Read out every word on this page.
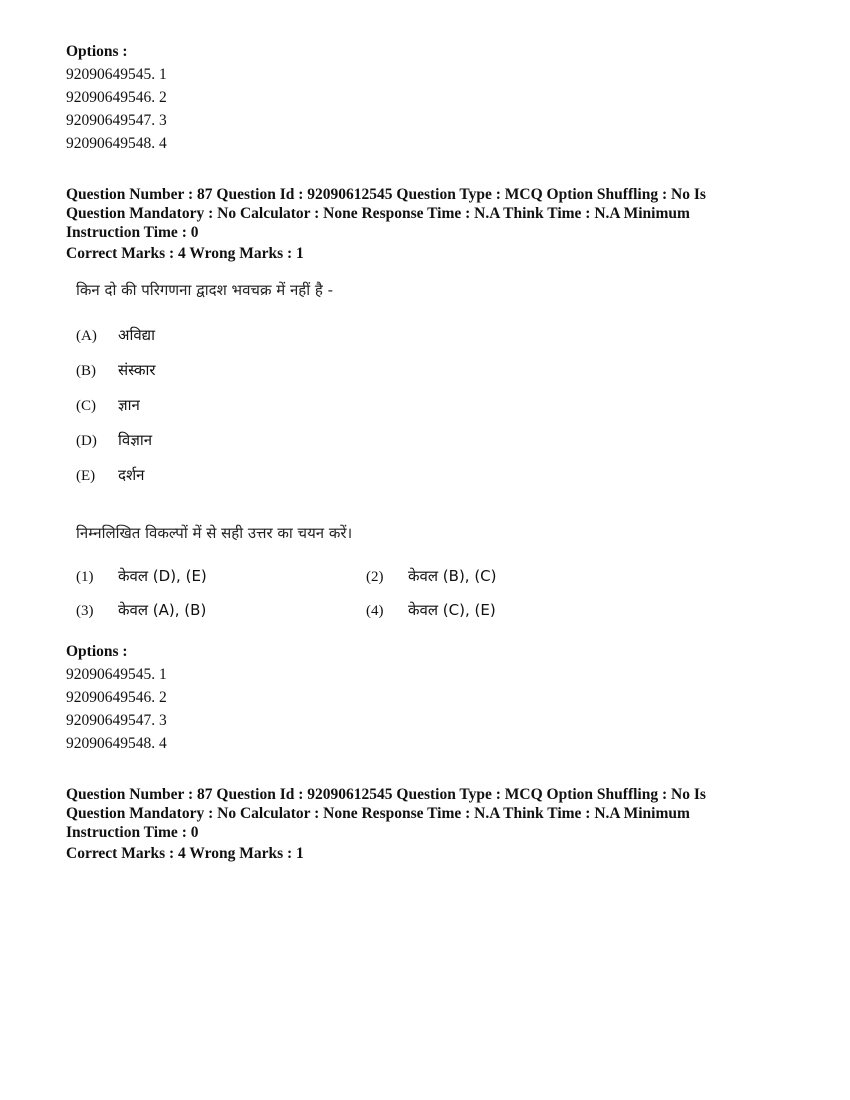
Options :
92090649545. 1
92090649546. 2
92090649547. 3
92090649548. 4
Question Number : 87 Question Id : 92090612545 Question Type : MCQ Option Shuffling : No Is
Question Mandatory : No Calculator : None Response Time : N.A Think Time : N.A Minimum
Instruction Time : 0
Correct Marks : 4 Wrong Marks : 1
किन दो की परिगणना द्वादश भवचक्र में नहीं है -
(A) अविद्या
(B) संस्कार
(C) ज्ञान
(D) विज्ञान
(E) दर्शन
निम्नलिखित विकल्पों में से सही उत्तर का चयन करें।
(1) केवल (D), (E)	(2) केवल (B), (C)
(3) केवल (A), (B)	(4) केवल (C), (E)
Options :
92090649545. 1
92090649546. 2
92090649547. 3
92090649548. 4
Question Number : 87 Question Id : 92090612545 Question Type : MCQ Option Shuffling : No Is
Question Mandatory : No Calculator : None Response Time : N.A Think Time : N.A Minimum
Instruction Time : 0
Correct Marks : 4 Wrong Marks : 1
